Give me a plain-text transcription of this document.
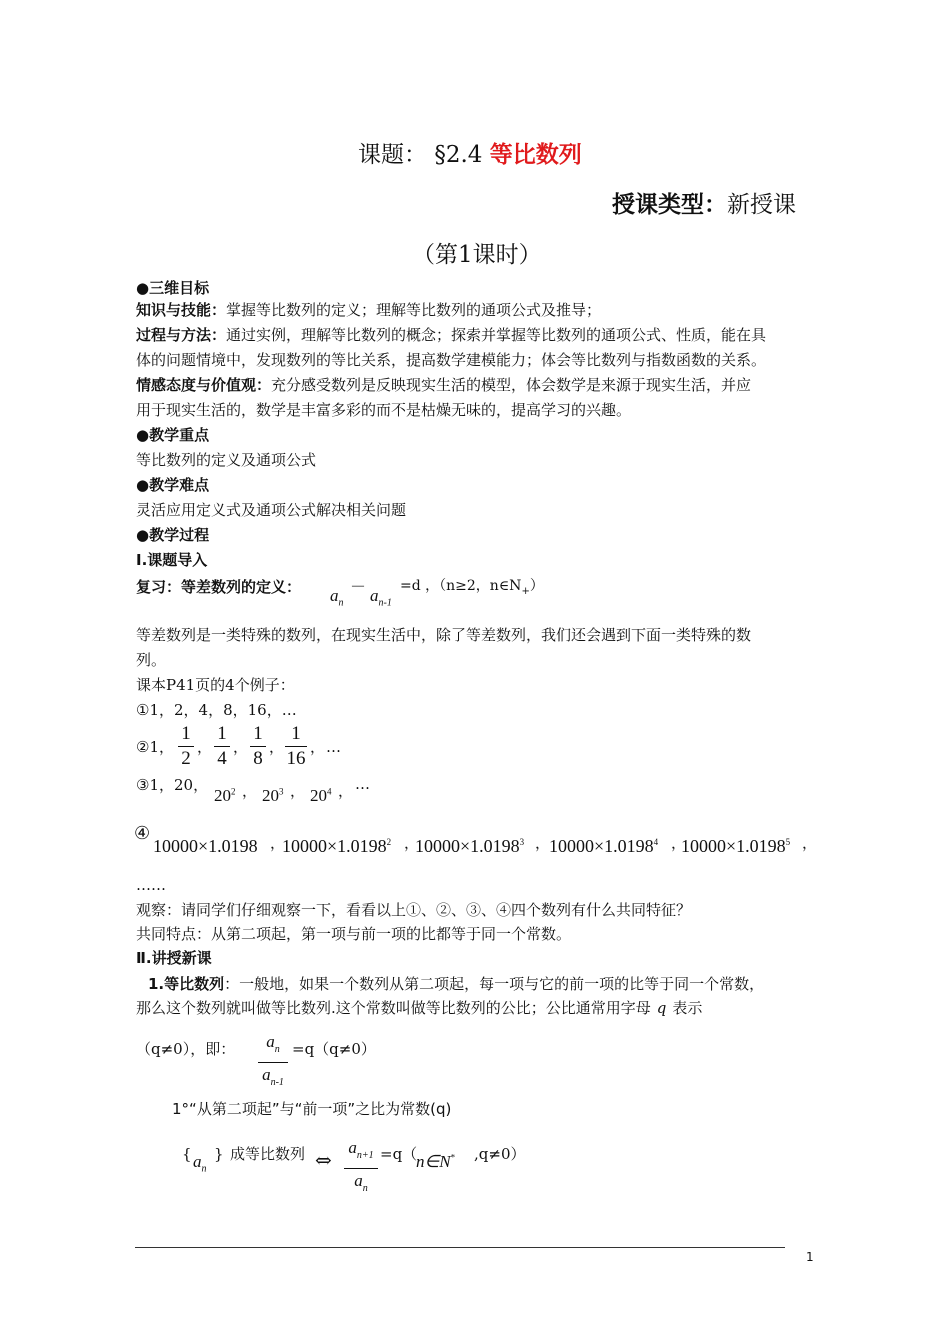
课题： §2.4 等比数列
授课类型：新授课
（第1课时）
●三维目标
知识与技能：掌握等比数列的定义；理解等比数列的通项公式及推导；
过程与方法：通过实例，理解等比数列的概念；探索并掌握等比数列的通项公式、性质，能在具
体的问题情境中，发现数列的等比关系，提高数学建模能力；体会等比数列与指数函数的关系。
情感态度与价值观：充分感受数列是反映现实生活的模型，体会数学是来源于现实生活，并应
用于现实生活的，数学是丰富多彩的而不是枯燥无味的，提高学习的兴趣。
●教学重点
等比数列的定义及通项公式
●教学难点
灵活应用定义式及通项公式解决相关问题
●教学过程
Ⅰ.课题导入
复习：等差数列的定义： $a_n$
－ $a_{n-1}$
=d ，（n≥2，$n\in N_+$）
等差数列是一类特殊的数列，在现实生活中，除了等差数列，我们还会遇到下面一类特殊的数
列。
课本P41页的4个例子：
①1，2，4，8，16，…
②1，
1
2
，
1
4
，
1
8
，
1
16
， …
③1，20，
$20^2$ ， $20^3$ ， $20^4$ ， …
④
10000×1.0198 ，
$10000\times 1.0198^2$ ，
$10000\times 1.0198^3$ ，
$10000\times 1.0198^4$ ，
$10000\times 1.0198^5$ ，
……
观察：请同学们仔细观察一下，看看以上①、②、③、④四个数列有什么共同特征？
共同特点：从第二项起，第一项与前一项的比都等于同一个常数。
Ⅱ.讲授新课
1.等比数列：一般地，如果一个数列从第二项起，每一项与它的前一项的比等于同一个常数，
那么这个数列就叫做等比数列.这个常数叫做等比数列的公比；公比通常用字母 q 表示
（q≠0），即：	$a_n$
$a_{n-1}$
=q（q≠0）
1°“从第二项起”与“前一项”之比为常数(q)
{ $a_n$
} 成等比数列 ⇔
$a_{n+1}$
$a_n$
=q（
n∈N* ,q≠0）
1
